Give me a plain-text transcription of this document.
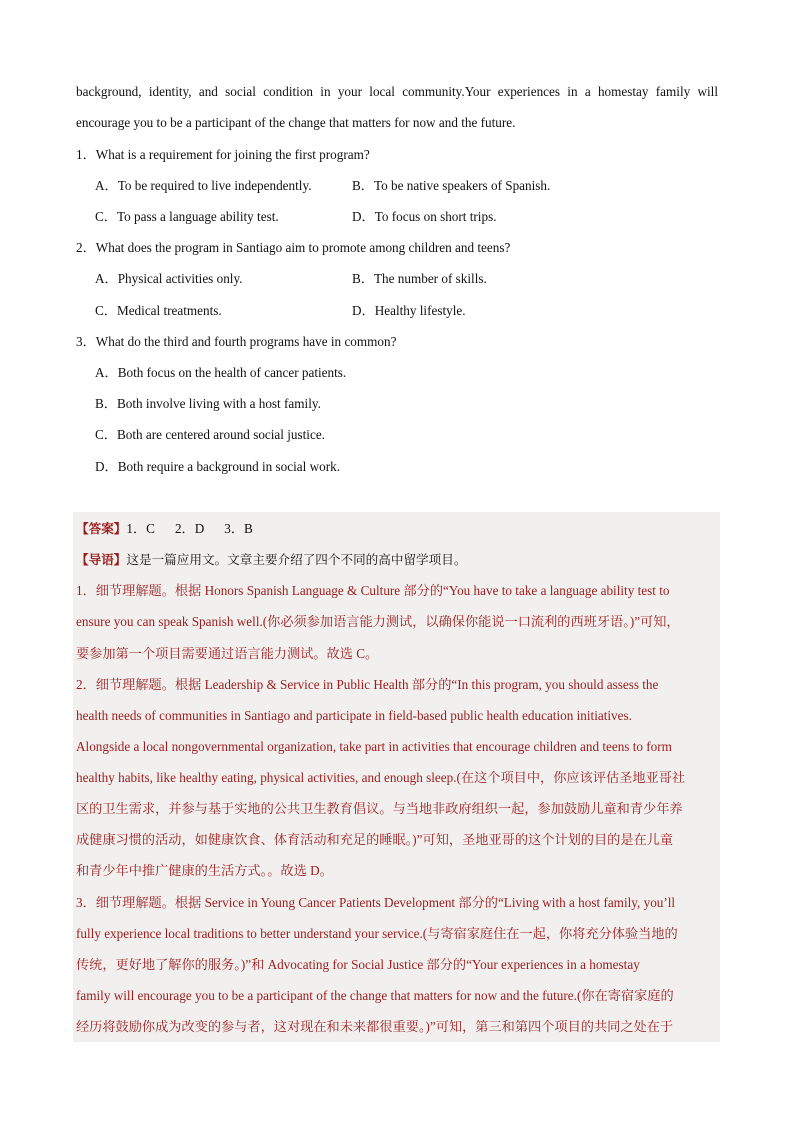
background, identity, and social condition in your local community.Your experiences in a homestay family will
encourage you to be a participant of the change that matters for now and the future.
1．What is a requirement for joining the first program?
A．To be required to live independently.	B．To be native speakers of Spanish.
C．To pass a language ability test.	D．To focus on short trips.
2．What does the program in Santiago aim to promote among children and teens?
A．Physical activities only.	B．The number of skills.
C．Medical treatments.	D．Healthy lifestyle.
3．What do the third and fourth programs have in common?
A．Both focus on the health of cancer patients.
B．Both involve living with a host family.
C．Both are centered around social justice.
D．Both require a background in social work.
【答案】1．C 2．D 3．B
【导语】这是一篇应用文。文章主要介绍了四个不同的高中留学项目。
1．细节理解题。根据 Honors Spanish Language & Culture 部分的“You have to take a language ability test to
ensure you can speak Spanish well.(你必须参加语言能力测试，以确保你能说一口流利的西班牙语。)”可知，
要参加第一个项目需要通过语言能力测试。故选 C。
2．细节理解题。根据 Leadership & Service in Public Health 部分的“In this program, you should assess the
health needs of communities in Santiago and participate in field-based public health education initiatives.
Alongside a local nongovernmental organization, take part in activities that encourage children and teens to form
healthy habits, like healthy eating, physical activities, and enough sleep.(在这个项目中，你应该评估圣地亚哥社
区的卫生需求，并参与基于实地的公共卫生教育倡议。与当地非政府组织一起，参加鼓励儿童和青少年养
成健康习惯的活动，如健康饮食、体育活动和充足的睡眠。)”可知，圣地亚哥的这个计划的目的是在儿童
和青少年中推广健康的生活方式。。故选 D。
3．细节理解题。根据 Service in Young Cancer Patients Development 部分的“Living with a host family, you’ll
fully experience local traditions to better understand your service.(与寄宿家庭住在一起，你将充分体验当地的
传统，更好地了解你的服务。)”和 Advocating for Social Justice 部分的“Your experiences in a homestay
family will encourage you to be a participant of the change that matters for now and the future.(你在寄宿家庭的
经历将鼓励你成为改变的参与者，这对现在和未来都很重要。)”可知，第三和第四个项目的共同之处在于
